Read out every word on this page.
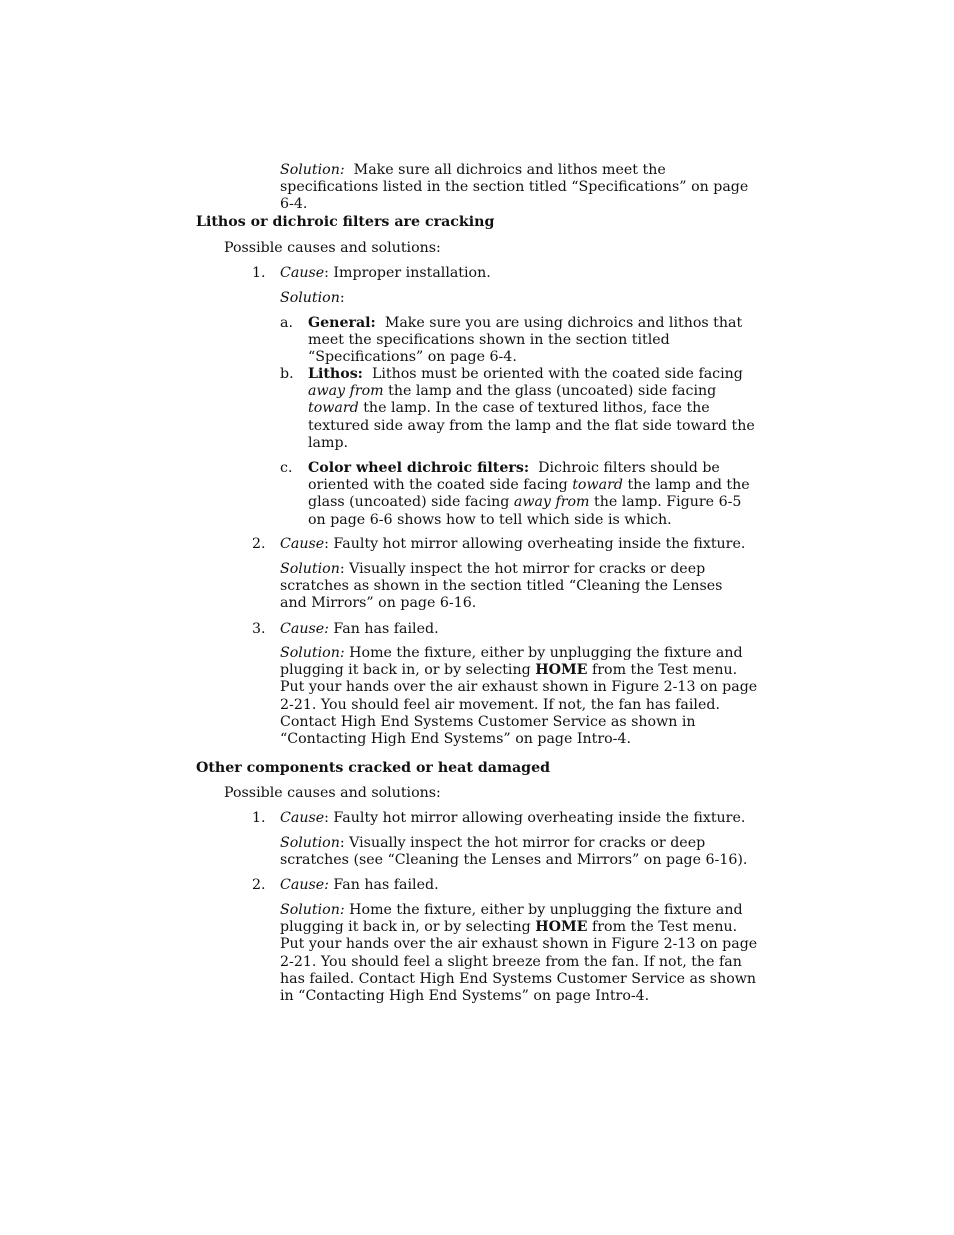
Solution: Make sure all dichroics and lithos meet the specifications listed in the section titled “Specifications” on page 6-4.

Lithos or dichroic filters are cracking

Possible causes and solutions:

1. Cause: Improper installation.

Solution:

a. General: Make sure you are using dichroics and lithos that meet the specifications shown in the section titled “Specifications” on page 6-4.

b. Lithos: Lithos must be oriented with the coated side facing away from the lamp and the glass (uncoated) side facing toward the lamp. In the case of textured lithos, face the textured side away from the lamp and the flat side toward the lamp.

c. Color wheel dichroic filters: Dichroic filters should be oriented with the coated side facing toward the lamp and the glass (uncoated) side facing away from the lamp. Figure 6-5 on page 6-6 shows how to tell which side is which.

2. Cause: Faulty hot mirror allowing overheating inside the fixture.

Solution: Visually inspect the hot mirror for cracks or deep scratches as shown in the section titled “Cleaning the Lenses and Mirrors” on page 6-16.

3. Cause: Fan has failed.

Solution: Home the fixture, either by unplugging the fixture and plugging it back in, or by selecting HOME from the Test menu. Put your hands over the air exhaust shown in Figure 2-13 on page 2-21. You should feel air movement. If not, the fan has failed. Contact High End Systems Customer Service as shown in “Contacting High End Systems” on page Intro-4.

Other components cracked or heat damaged

Possible causes and solutions:

1. Cause: Faulty hot mirror allowing overheating inside the fixture.

Solution: Visually inspect the hot mirror for cracks or deep scratches (see “Cleaning the Lenses and Mirrors” on page 6-16).

2. Cause: Fan has failed.

Solution: Home the fixture, either by unplugging the fixture and plugging it back in, or by selecting HOME from the Test menu. Put your hands over the air exhaust shown in Figure 2-13 on page 2-21. You should feel a slight breeze from the fan. If not, the fan has failed. Contact High End Systems Customer Service as shown in “Contacting High End Systems” on page Intro-4.
